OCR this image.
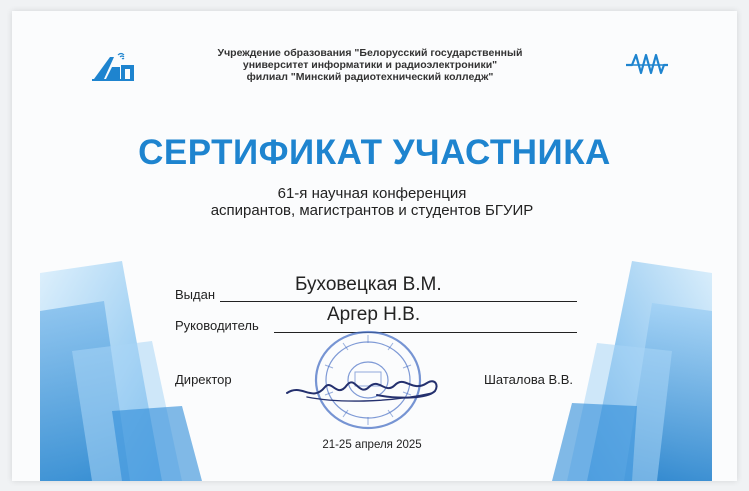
Учреждение образования "Белорусский государственный
университет информатики и радиоэлектроники"
филиал "Минский радиотехнический колледж"
СЕРТИФИКАТ УЧАСТНИКА
61-я научная конференция
аспирантов, магистрантов и студентов БГУИР
Выдан	Буховецкая В.М.
Руководитель
Аргер Н.В.
Директор	Шаталова В.В.
21-25 апреля 2025
